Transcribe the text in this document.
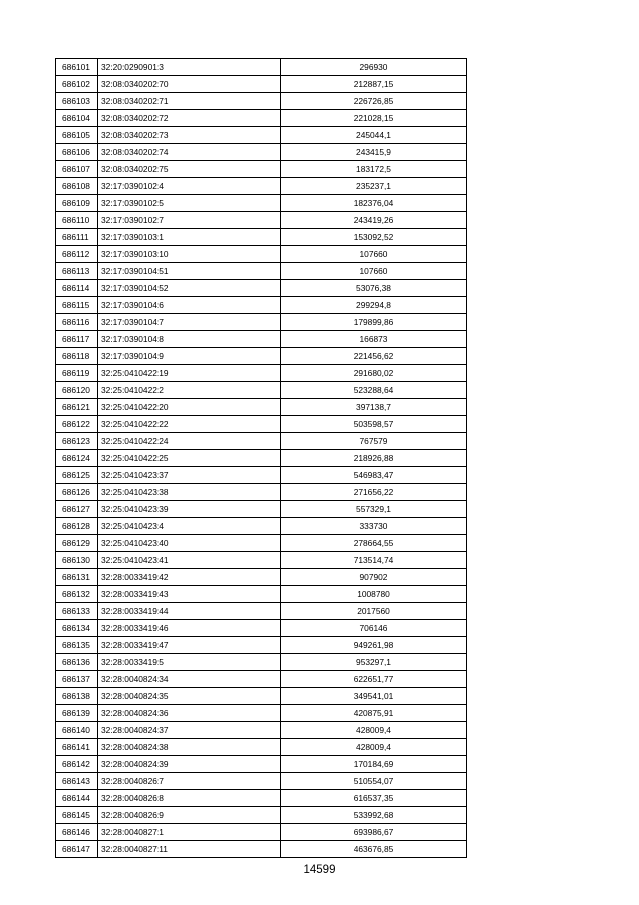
686101	32:20:0290901:3	296930
686102	32:08:0340202:70	212887,15
686103	32:08:0340202:71	226726,85
686104	32:08:0340202:72	221028,15
686105	32:08:0340202:73	245044,1
686106	32:08:0340202:74	243415,9
686107	32:08:0340202:75	183172,5
686108	32:17:0390102:4	235237,1
686109	32:17:0390102:5	182376,04
686110	32:17:0390102:7	243419,26
686111	32:17:0390103:1	153092,52
686112	32:17:0390103:10	107660
686113	32:17:0390104:51	107660
686114	32:17:0390104:52	53076,38
686115	32:17:0390104:6	299294,8
686116	32:17:0390104:7	179899,86
686117	32:17:0390104:8	166873
686118	32:17:0390104:9	221456,62
686119	32:25:0410422:19	291680,02
686120	32:25:0410422:2	523288,64
686121	32:25:0410422:20	397138,7
686122	32:25:0410422:22	503598,57
686123	32:25:0410422:24	767579
686124	32:25:0410422:25	218926,88
686125	32:25:0410423:37	546983,47
686126	32:25:0410423:38	271656,22
686127	32:25:0410423:39	557329,1
686128	32:25:0410423:4	333730
686129	32:25:0410423:40	278664,55
686130	32:25:0410423:41	713514,74
686131	32:28:0033419:42	907902
686132	32:28:0033419:43	1008780
686133	32:28:0033419:44	2017560
686134	32:28:0033419:46	706146
686135	32:28:0033419:47	949261,98
686136	32:28:0033419:5	953297,1
686137	32:28:0040824:34	622651,77
686138	32:28:0040824:35	349541,01
686139	32:28:0040824:36	420875,91
686140	32:28:0040824:37	428009,4
686141	32:28:0040824:38	428009,4
686142	32:28:0040824:39	170184,69
686143	32:28:0040826:7	510554,07
686144	32:28:0040826:8	616537,35
686145	32:28:0040826:9	533992,68
686146	32:28:0040827:1	693986,67
686147	32:28:0040827:11	463676,85
14599
